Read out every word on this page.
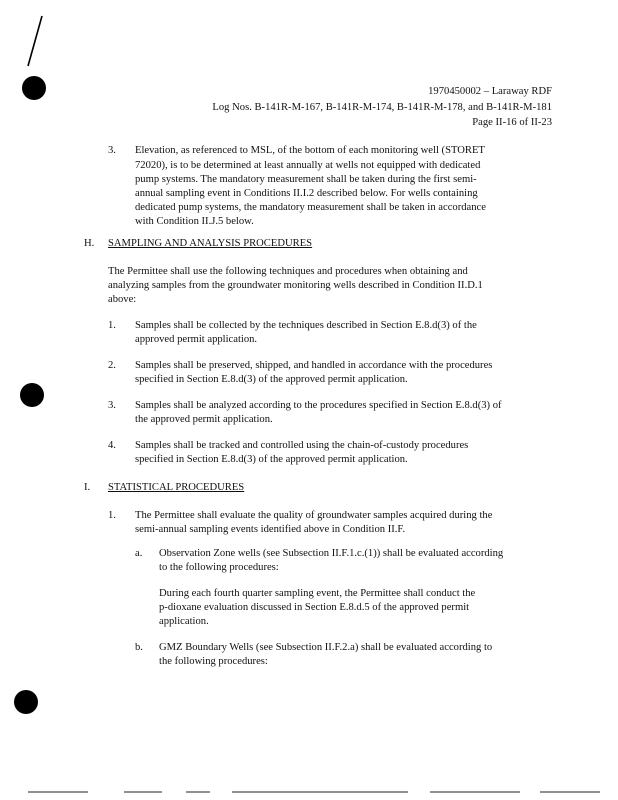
1970450002 – Laraway RDF
Log Nos. B-141R-M-167, B-141R-M-174, B-141R-M-178, and B-141R-M-181
Page II-16 of II-23
3. Elevation, as referenced to MSL, of the bottom of each monitoring well (STORET
72020), is to be determined at least annually at wells not equipped with dedicated
pump systems. The mandatory measurement shall be taken during the first semi-
annual sampling event in Conditions II.I.2 described below. For wells containing
dedicated pump systems, the mandatory measurement shall be taken in accordance
with Condition II.J.5 below.
H. SAMPLING AND ANALYSIS PROCEDURES
The Permittee shall use the following techniques and procedures when obtaining and
analyzing samples from the groundwater monitoring wells described in Condition II.D.1
above:
1. Samples shall be collected by the techniques described in Section E.8.d(3) of the
approved permit application.
2. Samples shall be preserved, shipped, and handled in accordance with the procedures
specified in Section E.8.d(3) of the approved permit application.
3. Samples shall be analyzed according to the procedures specified in Section E.8.d(3) of
the approved permit application.
4. Samples shall be tracked and controlled using the chain-of-custody procedures
specified in Section E.8.d(3) of the approved permit application.
I. STATISTICAL PROCEDURES
1. The Permittee shall evaluate the quality of groundwater samples acquired during the
semi-annual sampling events identified above in Condition II.F.
a. Observation Zone wells (see Subsection II.F.1.c.(1)) shall be evaluated according
to the following procedures:
During each fourth quarter sampling event, the Permittee shall conduct the
p-dioxane evaluation discussed in Section E.8.d.5 of the approved permit
application.
b. GMZ Boundary Wells (see Subsection II.F.2.a) shall be evaluated according to
the following procedures:
